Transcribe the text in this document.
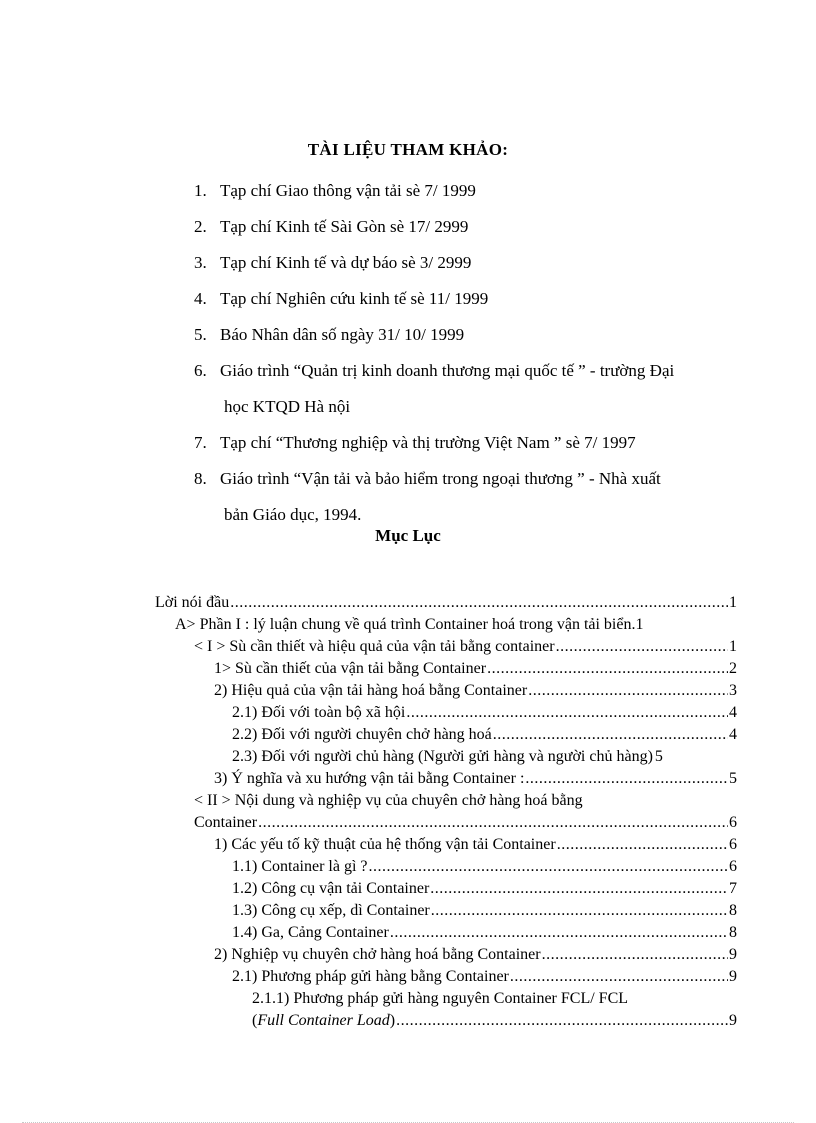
TÀI LIỆU THAM KHẢO:
1. Tạp chí Giao thông vận tải sè 7/ 1999
2. Tạp chí Kinh tế Sài Gòn sè 17/ 2999
3. Tạp chí Kinh tế và dự báo sè 3/ 2999
4. Tạp chí Nghiên cứu kinh tế sè 11/ 1999
5. Báo Nhân dân số ngày 31/ 10/ 1999
6. Giáo trình “Quản trị kinh doanh thương mại quốc tế ” - trường Đại
học KTQD Hà nội
7. Tạp chí “Thương nghiệp và thị trường Việt Nam ” sè 7/ 1997
8. Giáo trình “Vận tải và bảo hiểm trong ngoại thương ” - Nhà xuất
bản Giáo dục, 1994.
Mục Lục
Lời nói đầu .....	1
A> Phần I : lý luận chung về quá trình Container hoá trong vận tải biển .1
< I > Sù cần thiết và hiệu quả của vận tải bằng container .....	1
1> Sù cần thiết của vận tải bằng Container .....	2
2) Hiệu quả của vận tải hàng hoá bằng Container .....	3
2.1) Đối với toàn bộ xã hội .....	4
2.2) Đối với người chuyên chở hàng hoá .....	4
2.3) Đối với người chủ hàng (Người gửi hàng và người chủ hàng) 5
3) Ý nghĩa và xu hướng vận tải bằng Container : .....	5
< II > Nội dung và nghiệp vụ của chuyên chở hàng hoá bằng
Container .....	6
1) Các yếu tố kỹ thuật của hệ thống vận tải Container .....	6
1.1) Container là gì ? .....	6
1.2) Công cụ vận tải Container .....	7
1.3) Công cụ xếp, dì Container .....	8
1.4) Ga, Cảng Container .....	8
2) Nghiệp vụ chuyên chở hàng hoá bằng Container .....	9
2.1) Phương pháp gửi hàng bằng Container .....	9
2.1.1) Phương pháp gửi hàng nguyên Container FCL/ FCL
(Full Container Load) .....	9
